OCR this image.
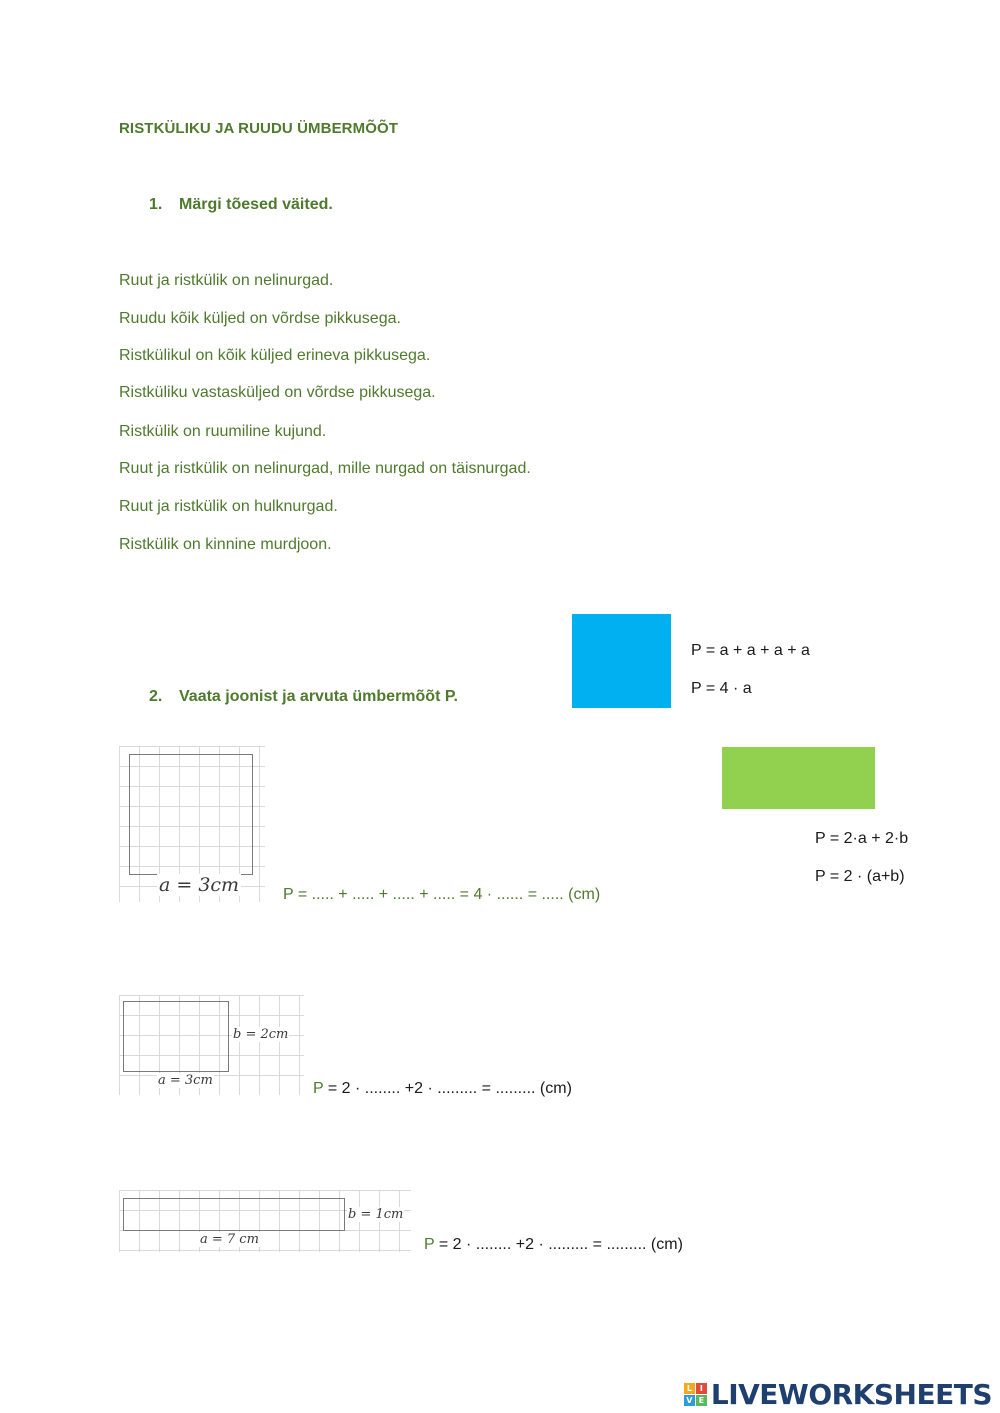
RISTKÜLIKU JA RUUDU ÜMBERMÕÕT
1. Märgi tõesed väited.
Ruut ja ristkülik on nelinurgad.
Ruudu kõik küljed on võrdse pikkusega.
Ristkülikul on kõik küljed erineva pikkusega.
Ristküliku vastasküljed on võrdse pikkusega.
Ristkülik on ruumiline kujund.
Ruut ja ristkülik on nelinurgad, mille nurgad on täisnurgad.
Ruut ja ristkülik on hulknurgad.
Ristkülik on kinnine murdjoon.
P = a + a + a + a
P = 4 · a
2. Vaata joonist ja arvuta ümbermõõt P.
P = 2·a + 2·b
P = 2 · (a+b)
a = 3cm	P = ..... + ..... + ..... + ..... = 4 · ...... = ..... (cm)
b = 2cm
a = 3cm	P = 2 · ........ +2 · ......... = ......... (cm)
b = 1cm
a = 7 cm	P = 2 · ........ +2 · ......... = ......... (cm)
L I
V E LIVEWORKSHEETS
